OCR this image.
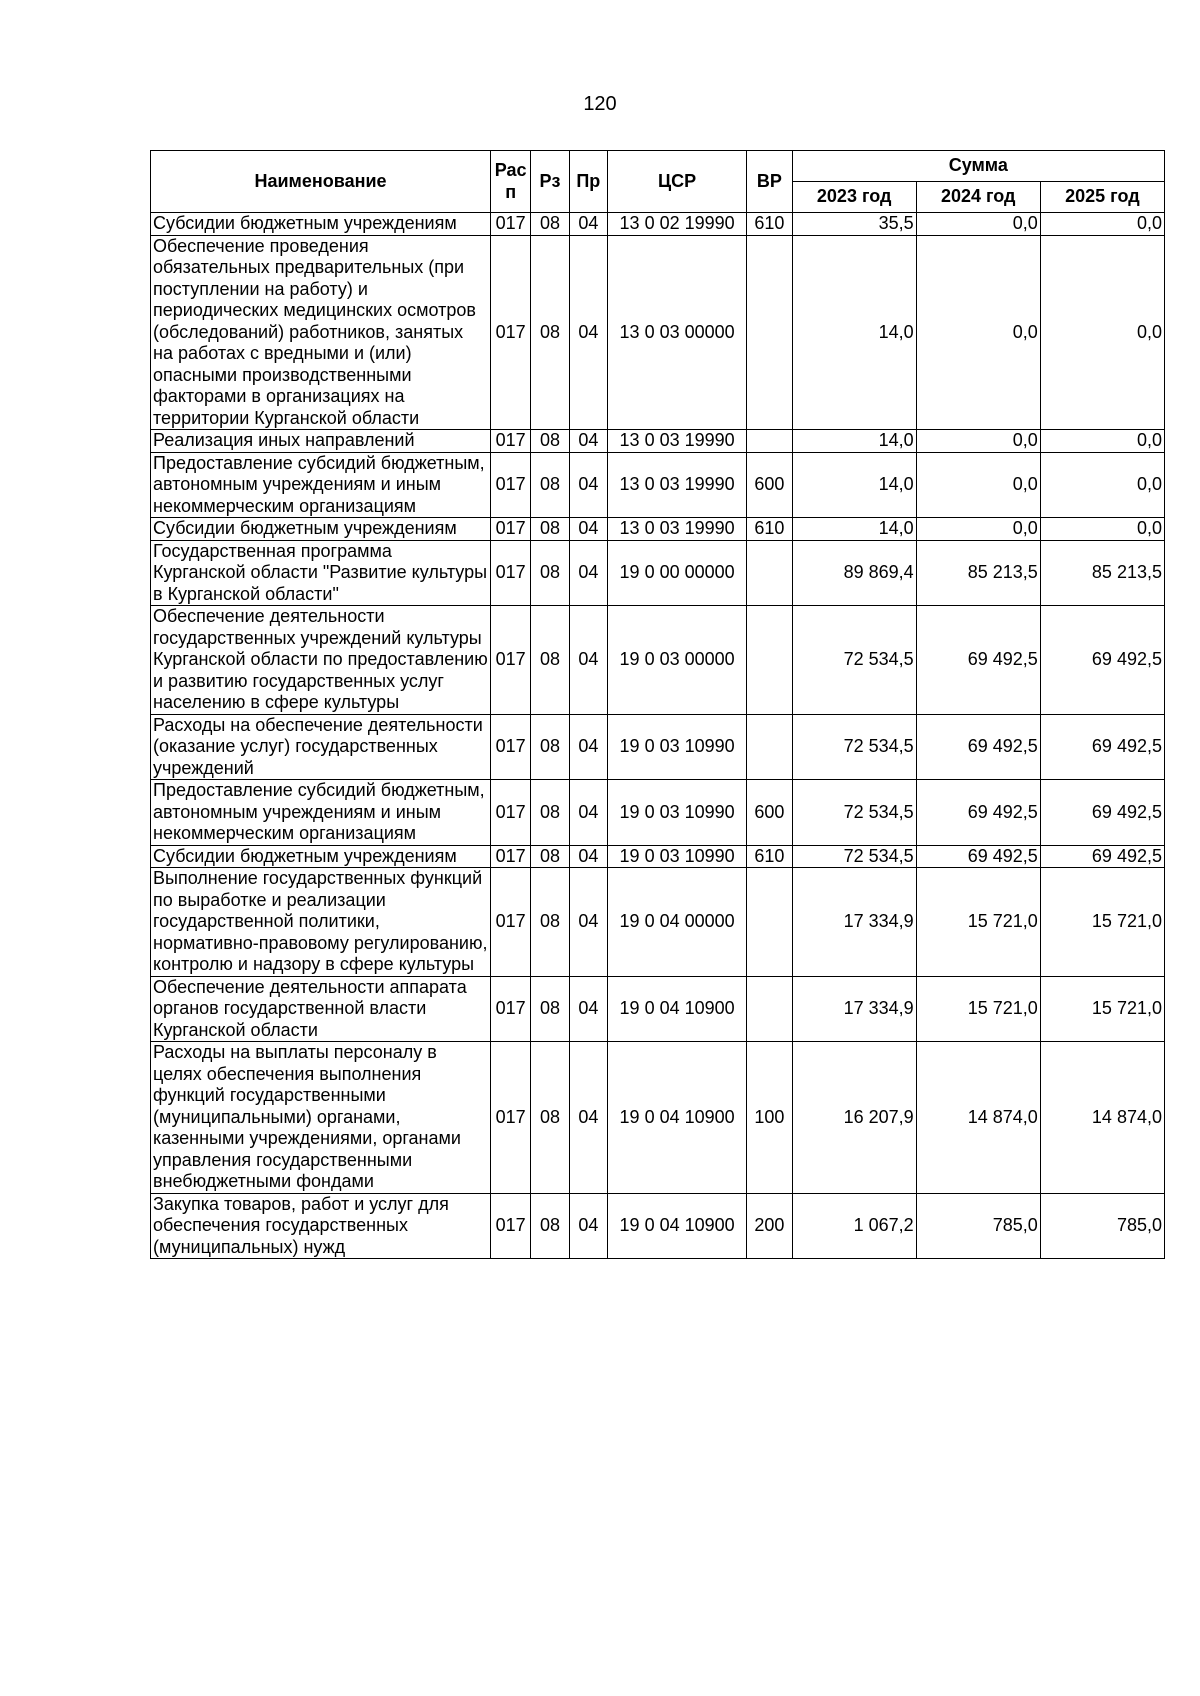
120
Наименование	Рас п	Рз	Пр	ЦСР	ВР	Сумма		
						2023 год	2024 год	2025 год
Субсидии бюджетным учреждениям	017	08	04	13 0 02 19990	610	35,5	0,0	0,0
Обеспечение проведения обязательных предварительных (при поступлении на работу) и периодических медицинских осмотров (обследований) работников, занятых на работах с вредными и (или) опасными производственными факторами в организациях на территории Курганской области	017	08	04	13 0 03 00000		14,0	0,0	0,0
Реализация иных направлений	017	08	04	13 0 03 19990		14,0	0,0	0,0
Предоставление субсидий бюджетным, автономным учреждениям и иным некоммерческим организациям	017	08	04	13 0 03 19990	600	14,0	0,0	0,0
Субсидии бюджетным учреждениям	017	08	04	13 0 03 19990	610	14,0	0,0	0,0
Государственная программа Курганской области "Развитие культуры в Курганской области"	017	08	04	19 0 00 00000		89 869,4	85 213,5	85 213,5
Обеспечение деятельности государственных учреждений культуры Курганской области по предоставлению и развитию государственных услуг населению в сфере культуры	017	08	04	19 0 03 00000		72 534,5	69 492,5	69 492,5
Расходы на обеспечение деятельности (оказание услуг) государственных учреждений	017	08	04	19 0 03 10990		72 534,5	69 492,5	69 492,5
Предоставление субсидий бюджетным, автономным учреждениям и иным некоммерческим организациям	017	08	04	19 0 03 10990	600	72 534,5	69 492,5	69 492,5
Субсидии бюджетным учреждениям	017	08	04	19 0 03 10990	610	72 534,5	69 492,5	69 492,5
Выполнение государственных функций по выработке и реализации государственной политики, нормативно-правовому регулированию, контролю и надзору в сфере культуры	017	08	04	19 0 04 00000		17 334,9	15 721,0	15 721,0
Обеспечение деятельности аппарата органов государственной власти Курганской области	017	08	04	19 0 04 10900		17 334,9	15 721,0	15 721,0
Расходы на выплаты персоналу в целях обеспечения выполнения функций государственными (муниципальными) органами, казенными учреждениями, органами управления государственными внебюджетными фондами	017	08	04	19 0 04 10900	100	16 207,9	14 874,0	14 874,0
Закупка товаров, работ и услуг для обеспечения государственных (муниципальных) нужд	017	08	04	19 0 04 10900	200	1 067,2	785,0	785,0
